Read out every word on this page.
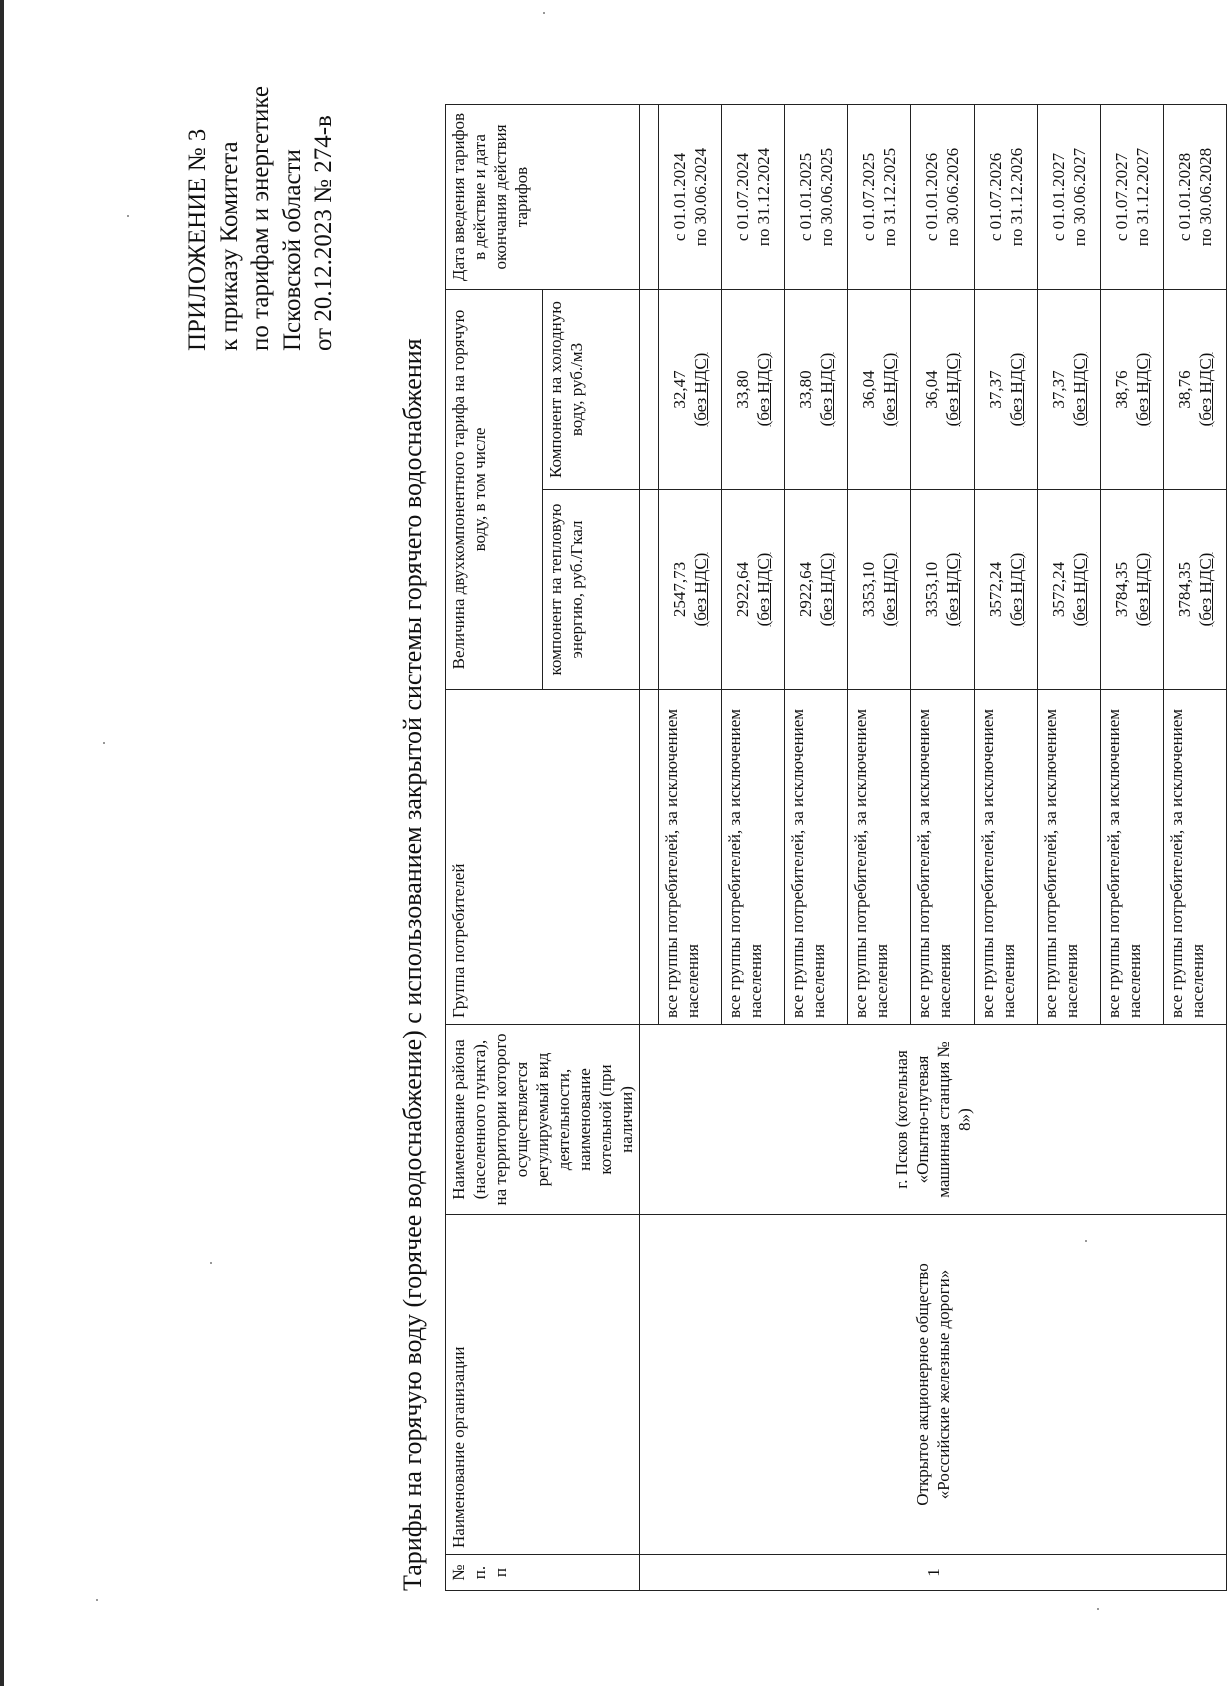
ПРИЛОЖЕНИЕ № 3 к приказу Комитета по тарифам и энергетике Псковской области от 20.12.2023 № 274-в
Тарифы на горячую воду (горячее водоснабжение) с использованием закрытой системы горячего водоснабжения № п. п	Наименование организации	Наименование района (населенного пункта), на территории которого осуществляется регулируемый вид деятельности, наименование котельной (при наличии)	Группа потребителей	Величина двухкомпонентного тарифа на горячую воду, в том числе		Дата введения тарифов в действие и дата окончания действия тарифов
				компонент на тепловую энергию, руб./Гкал	Компонент на холодную воду, руб./м3	
1	Открытое акционерное общество «Российские железные дороги»	г. Псков (котельная «Опытно-путевая машинная станция № 8»)				
			все группы потребителей, за исключением населения	2547,73 (без НДС)	32,47 (без НДС)	с 01.01.2024 по 30.06.2024

			все группы потребителей, за исключением населения	2922,64 (без НДС)	33,80 (без НДС)	с 01.07.2024 по 31.12.2024

			все группы потребителей, за исключением населения	2922,64 (без НДС)	33,80 (без НДС)	с 01.01.2025 по 30.06.2025

			все группы потребителей, за исключением населения	3353,10 (без НДС)	36,04 (без НДС)	с 01.07.2025 по 31.12.2025

			все группы потребителей, за исключением населения	3353,10 (без НДС)	36,04 (без НДС)	с 01.01.2026 по 30.06.2026

			все группы потребителей, за исключением населения	3572,24 (без НДС)	37,37 (без НДС)	с 01.07.2026 по 31.12.2026

			все группы потребителей, за исключением населения	3572,24 (без НДС)	37,37 (без НДС)	с 01.01.2027 по 30.06.2027

			все группы потребителей, за исключением населения	3784,35 (без НДС)	38,76 (без НДС)	с 01.07.2027 по 31.12.2027

			все группы потребителей, за исключением населения	3784,35 (без НДС)	38,76 (без НДС)	с 01.01.2028 по 30.06.2028
